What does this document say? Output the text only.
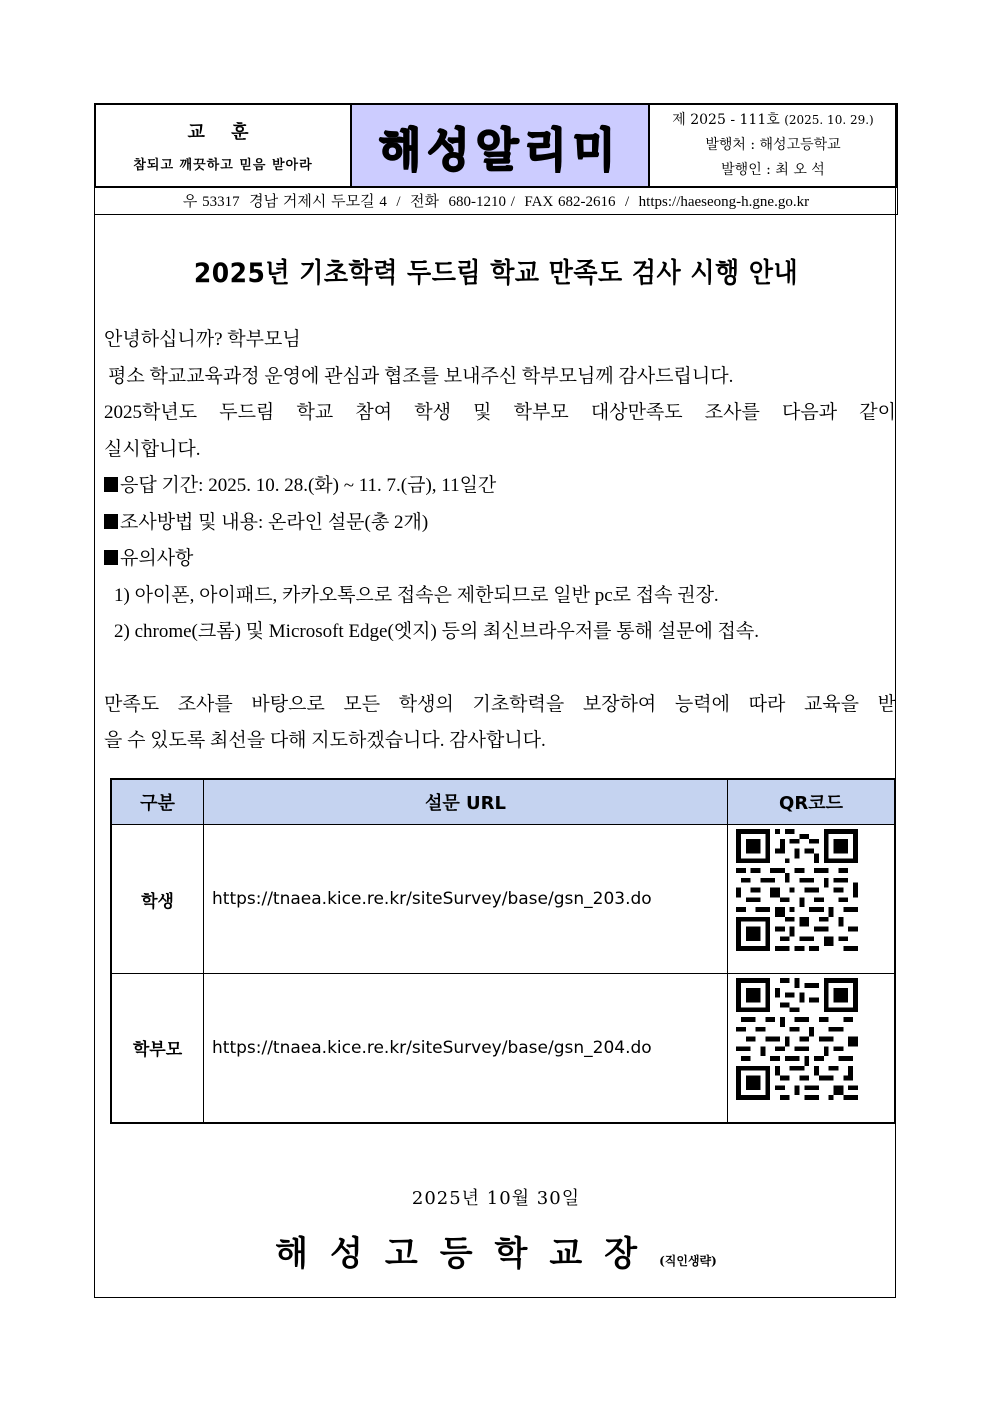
교 훈
참되고 깨끗하고 믿음 받아라 해성알리미
제 2025 - 111호 (2025. 10. 29.)
발행처 : 해성고등학교
발행인 : 최 오 석
우 53317  경남 거제시 두모길 4  /  전화  680-1210 /  FAX 682-2616  /  https://haeseong-h.gne.go.kr
2025년 기초학력 두드림 학교 만족도 검사 시행 안내

안녕하십니까? 학부모님

평소 학교교육과정 운영에 관심과 협조를 보내주신 학부모님께 감사드립니다.

2025학년도 두드림 학교 참여 학생 및 학부모 대상만족도 조사를 다음과 같이

실시합니다.

응답 기간: 2025. 10. 28.(화) ~ 11. 7.(금), 11일간

조사방법 및 내용: 온라인 설문(총 2개)

유의사항

1) 아이폰, 아이패드, 카카오톡으로 접속은 제한되므로 일반 pc로 접속 권장.

2) chrome(크롬) 및 Microsoft Edge(엣지) 등의 최신브라우저를 통해 설문에 접속.

만족도 조사를 바탕으로 모든 학생의 기초학력을 보장하여 능력에 따라 교육을 받

을 수 있도록 최선을 다해 지도하겠습니다. 감사합니다.

구분	설문 URL	QR코드
학생	https://tnaea.kice.re.kr/siteSurvey/base/gsn_203.do	

학부모	https://tnaea.kice.re.kr/siteSurvey/base/gsn_204.do	
2025년 10월 30일
해성고등학교장(직인생략)
